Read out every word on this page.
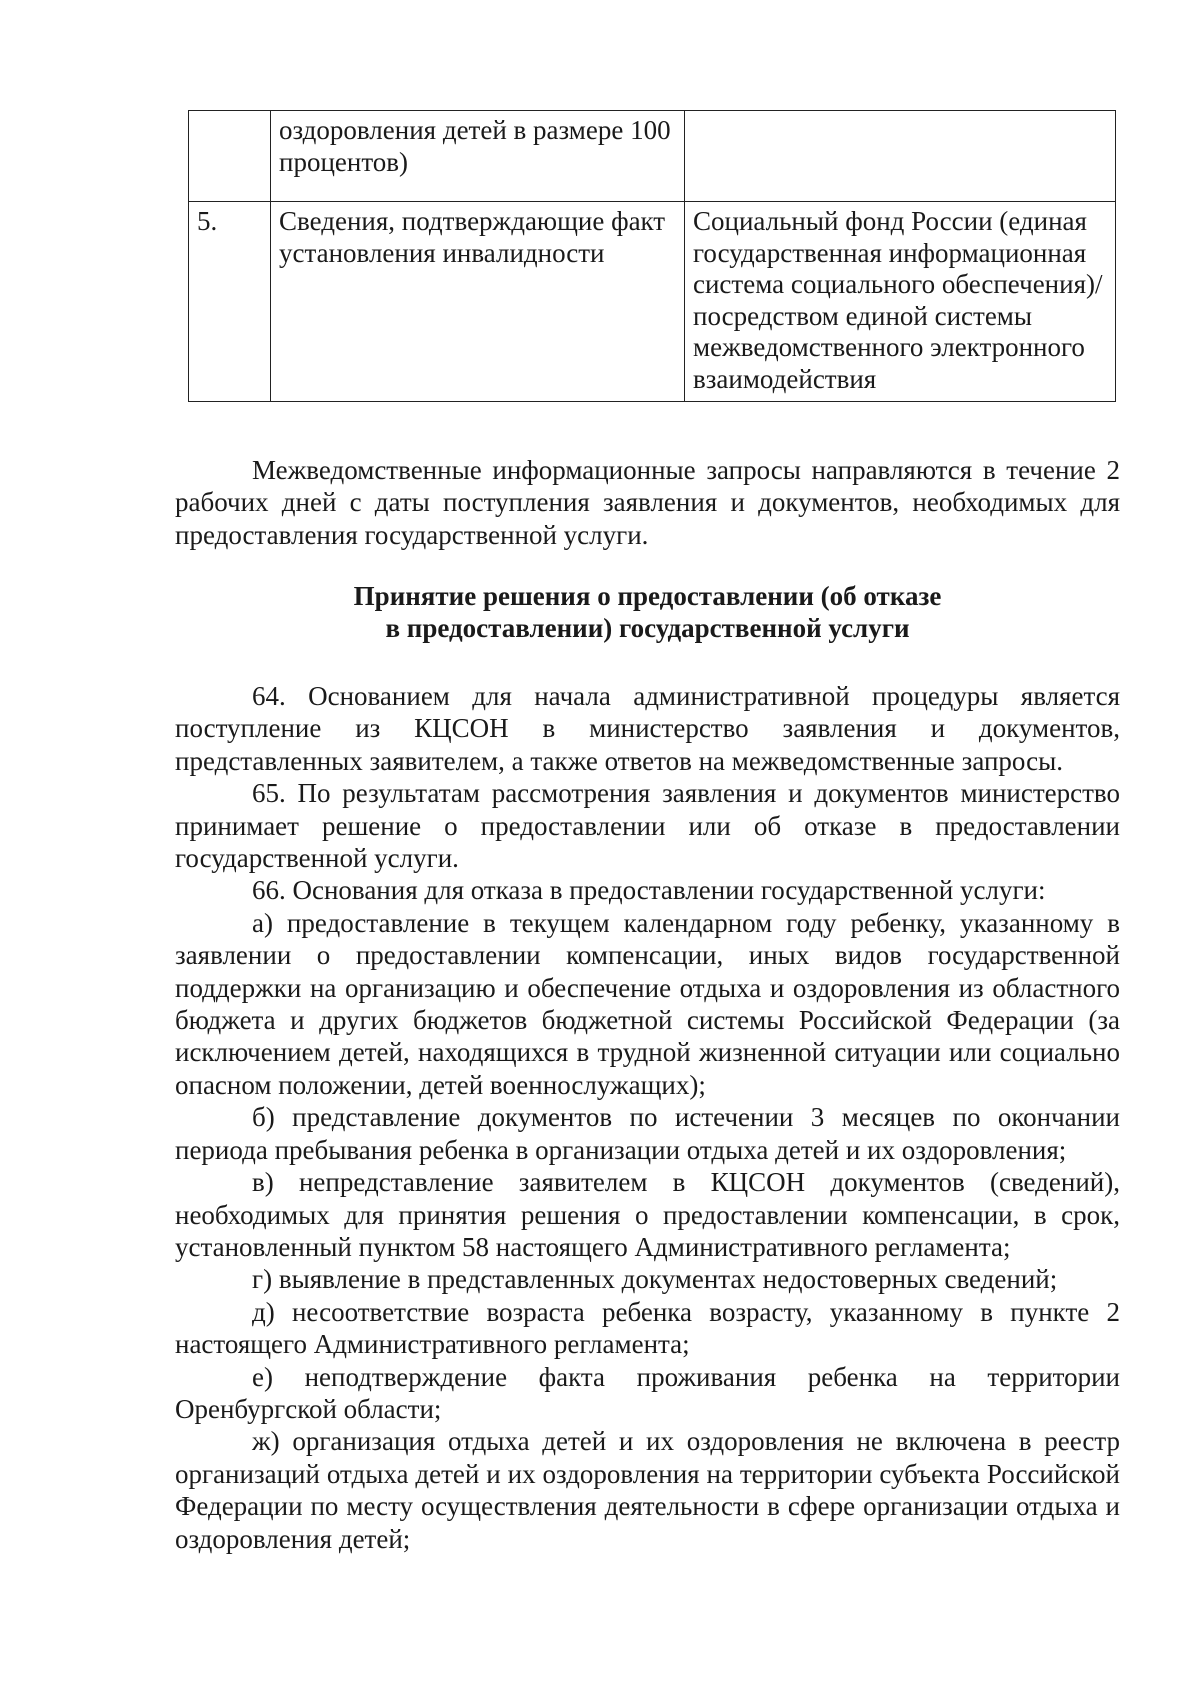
	оздоровления детей в размере 100 процентов)	
5.	Сведения, подтверждающие факт установления инвалидности	Социальный фонд России (единая государственная информационная система социального обеспечения)/посредством единой системы межведомственного электронного взаимодействия

Межведомственные информационные запросы направляются в течение 2 рабочих дней с даты поступления заявления и документов, необходимых для предоставления государственной услуги.

Принятие решения о предоставлении (об отказе
в предоставлении) государственной услуги

64. Основанием для начала административной процедуры является поступление из КЦСОН в министерство заявления и документов, представленных заявителем, а также ответов на межведомственные запросы.

65. По результатам рассмотрения заявления и документов министерство принимает решение о предоставлении или об отказе в предоставлении государственной услуги.

66. Основания для отказа в предоставлении государственной услуги:

а) предоставление в текущем календарном году ребенку, указанному в заявлении о предоставлении компенсации, иных видов государственной поддержки на организацию и обеспечение отдыха и оздоровления из областного бюджета и других бюджетов бюджетной системы Российской Федерации (за исключением детей, находящихся в трудной жизненной ситуации или социально опасном положении, детей военнослужащих);

б) представление документов по истечении 3 месяцев по окончании периода пребывания ребенка в организации отдыха детей и их оздоровления;

в) непредставление заявителем в КЦСОН документов (сведений), необходимых для принятия решения о предоставлении компенсации, в срок, установленный пунктом 58 настоящего Административного регламента;

г) выявление в представленных документах недостоверных сведений;

д) несоответствие возраста ребенка возрасту, указанному в пункте 2 настоящего Административного регламента;

е) неподтверждение факта проживания ребенка на территории Оренбургской области;

ж) организация отдыха детей и их оздоровления не включена в реестр организаций отдыха детей и их оздоровления на территории субъекта Российской Федерации по месту осуществления деятельности в сфере организации отдыха и оздоровления детей;
